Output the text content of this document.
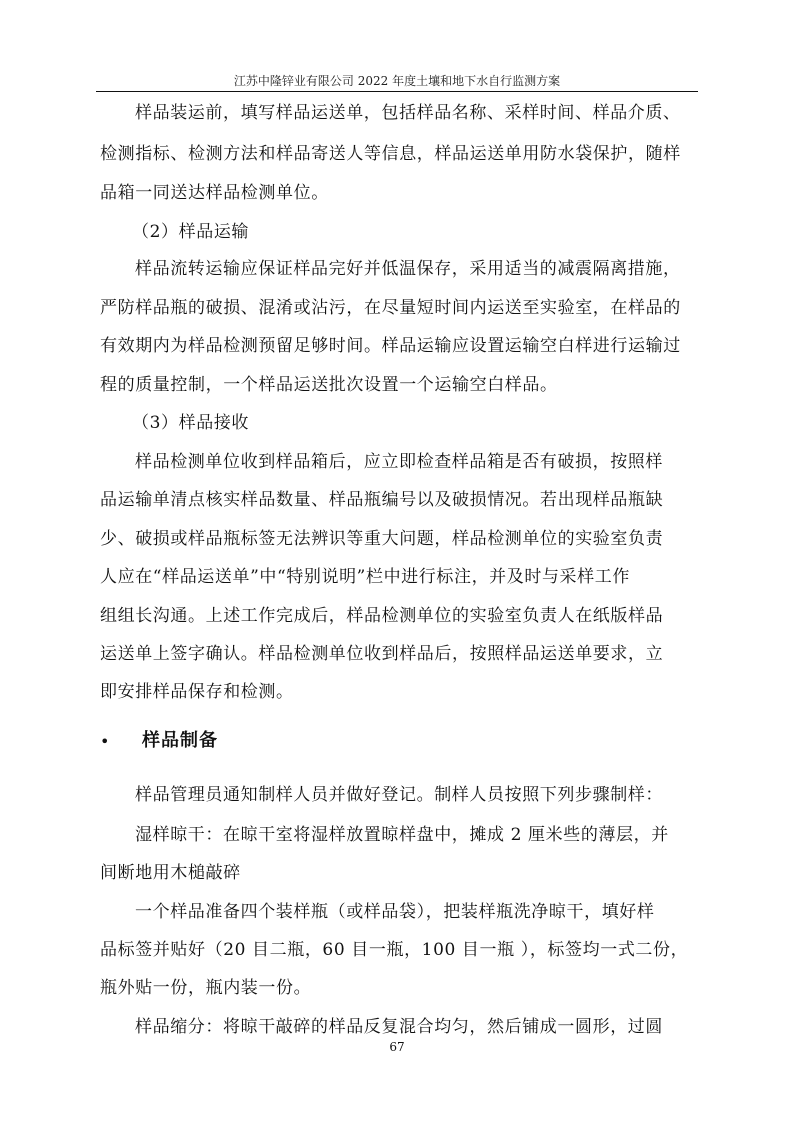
江苏中隆锌业有限公司 2022 年度土壤和地下水自行监测方案
样品装运前，填写样品运送单，包括样品名称、采样时间、样品介质、
检测指标、检测方法和样品寄送人等信息，样品运送单用防水袋保护，随样
品箱一同送达样品检测单位。
（2）样品运输
样品流转运输应保证样品完好并低温保存，采用适当的减震隔离措施，
严防样品瓶的破损、混淆或沾污，在尽量短时间内运送至实验室，在样品的
有效期内为样品检测预留足够时间。样品运输应设置运输空白样进行运输过
程的质量控制，一个样品运送批次设置一个运输空白样品。
（3）样品接收
样品检测单位收到样品箱后，应立即检查样品箱是否有破损，按照样
品运输单清点核实样品数量、样品瓶编号以及破损情况。若出现样品瓶缺
少、破损或样品瓶标签无法辨识等重大问题，样品检测单位的实验室负责
人应在“样品运送单”中“特别说明”栏中进行标注，并及时与采样工作
组组长沟通。上述工作完成后，样品检测单位的实验室负责人在纸版样品
运送单上签字确认。样品检测单位收到样品后，按照样品运送单要求，立
即安排样品保存和检测。
• 样品制备
样品管理员通知制样人员并做好登记。制样人员按照下列步骤制样：
湿样晾干：在晾干室将湿样放置晾样盘中，摊成 2 厘米些的薄层，并
间断地用木槌敲碎
一个样品准备四个装样瓶（或样品袋），把装样瓶洗净晾干，填好样
品标签并贴好（20 目二瓶，60 目一瓶，100 目一瓶 ），标签均一式二份，
瓶外贴一份，瓶内装一份。
样品缩分：将晾干敲碎的样品反复混合均匀，然后铺成一圆形，过圆
67
